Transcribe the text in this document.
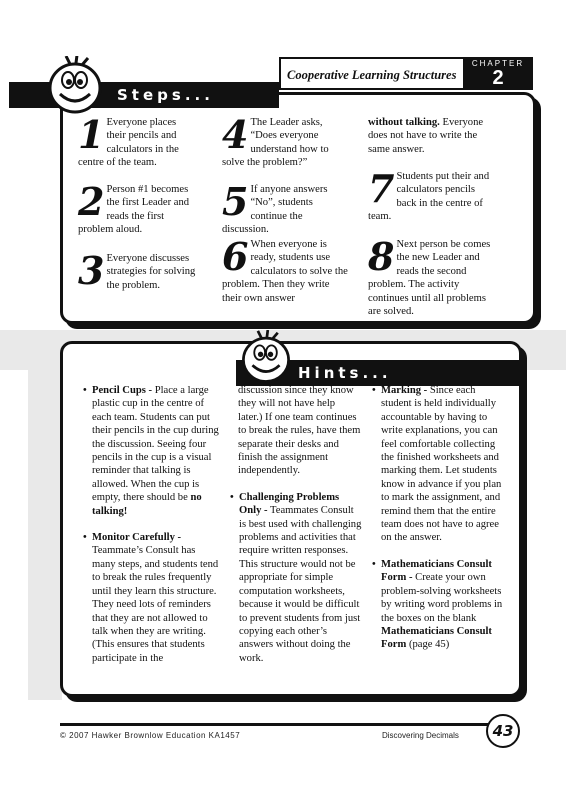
Cooperative Learning Structures
CHAPTER
2
Steps...
1 Everyone places their pencils and calculators in the centre of the team.
2 Person #1 becomes the first Leader and reads the first problem aloud.
3 Everyone discusses strategies for solving the problem.
4 The Leader asks, “Does everyone understand how to solve the problem?”
5 If anyone answers “No”, students continue the discussion.
6 When everyone is ready, students use calculators to solve the problem. Then they write their own answer
without talking. Everyone does not have to write the same answer.
7 Students put their and calculators pencils back in the centre of team.
8 Next person be comes the new Leader and reads the second problem. The activity continues until all problems are solved.
Hints...
• Pencil Cups - Place a large plastic cup in the centre of each team. Students can put their pencils in the cup during the discussion. Seeing four pencils in the cup is a visual reminder that talking is allowed. When the cup is empty, there should be no talking!
• Monitor Carefully - Teammate’s Consult has many steps, and students tend to break the rules frequently until they learn this structure. They need lots of reminders that they are not allowed to talk when they are writing. (This ensures that students participate in the
discussion since they know they will not have help later.) If one team continues to break the rules, have them separate their desks and finish the assignment independently.
• Challenging Problems Only - Teammates Consult is best used with challenging problems and activities that require written responses. This structure would not be appropriate for simple computation worksheets, because it would be difficult to prevent students from just copying each other’s answers without doing the work.
• Marking - Since each student is held individually accountable by having to write explanations, you can feel comfortable collecting the finished worksheets and marking them. Let students know in advance if you plan to mark the assignment, and remind them that the entire team does not have to agree on the answer.
• Mathematicians Consult Form - Create your own problem-solving worksheets by writing word problems in the boxes on the blank Mathematicians Consult Form (page 45)
© 2007 Hawker Brownlow Education KA1457	Discovering Decimals	43
